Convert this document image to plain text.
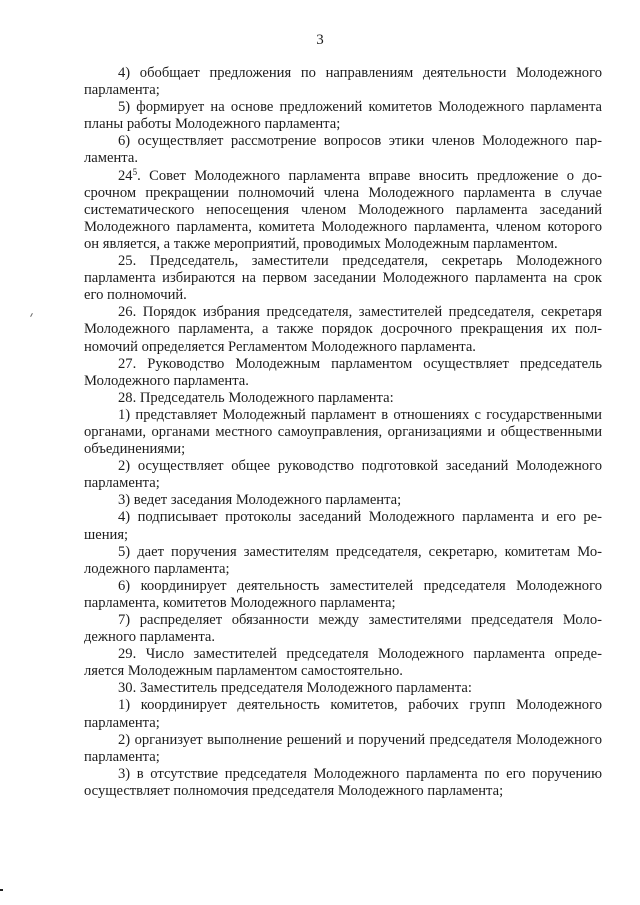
3

4) обобщает предложения по направлениям деятельности Молодежного парламента;

5) формирует на основе предложений комитетов Молодежного парламента планы работы Молодежного парламента;

6) осуществляет рассмотрение вопросов этики членов Молодежного парламента.

$24^5$. Совет Молодежного парламента вправе вносить предложение о досрочном прекращении полномочий члена Молодежного парламента в случае систематического непосещения членом Молодежного парламента заседаний Молодежного парламента, комитета Молодежного парламента, членом которого он является, а также мероприятий, проводимых Молодежным парламентом.

25. Председатель, заместители председателя, секретарь Молодежного парламента избираются на первом заседании Молодежного парламента на срок его полномочий.

26. Порядок избрания председателя, заместителей председателя, секретаря Молодежного парламента, а также порядок досрочного прекращения их полномочий определяется Регламентом Молодежного парламента.

27. Руководство Молодежным парламентом осуществляет председатель Молодежного парламента.

28. Председатель Молодежного парламента:

1) представляет Молодежный парламент в отношениях с государственными органами, органами местного самоуправления, организациями и общественными объединениями;

2) осуществляет общее руководство подготовкой заседаний Молодежного парламента;

3) ведет заседания Молодежного парламента;

4) подписывает протоколы заседаний Молодежного парламента и его решения;

5) дает поручения заместителям председателя, секретарю, комитетам Молодежного парламента;

6) координирует деятельность заместителей председателя Молодежного парламента, комитетов Молодежного парламента;

7) распределяет обязанности между заместителями председателя Молодежного парламента.

29. Число заместителей председателя Молодежного парламента определяется Молодежным парламентом самостоятельно.

30. Заместитель председателя Молодежного парламента:

1) координирует деятельность комитетов, рабочих групп Молодежного парламента;

2) организует выполнение решений и поручений председателя Молодежного парламента;

3) в отсутствие председателя Молодежного парламента по его поручению осуществляет полномочия председателя Молодежного парламента;
